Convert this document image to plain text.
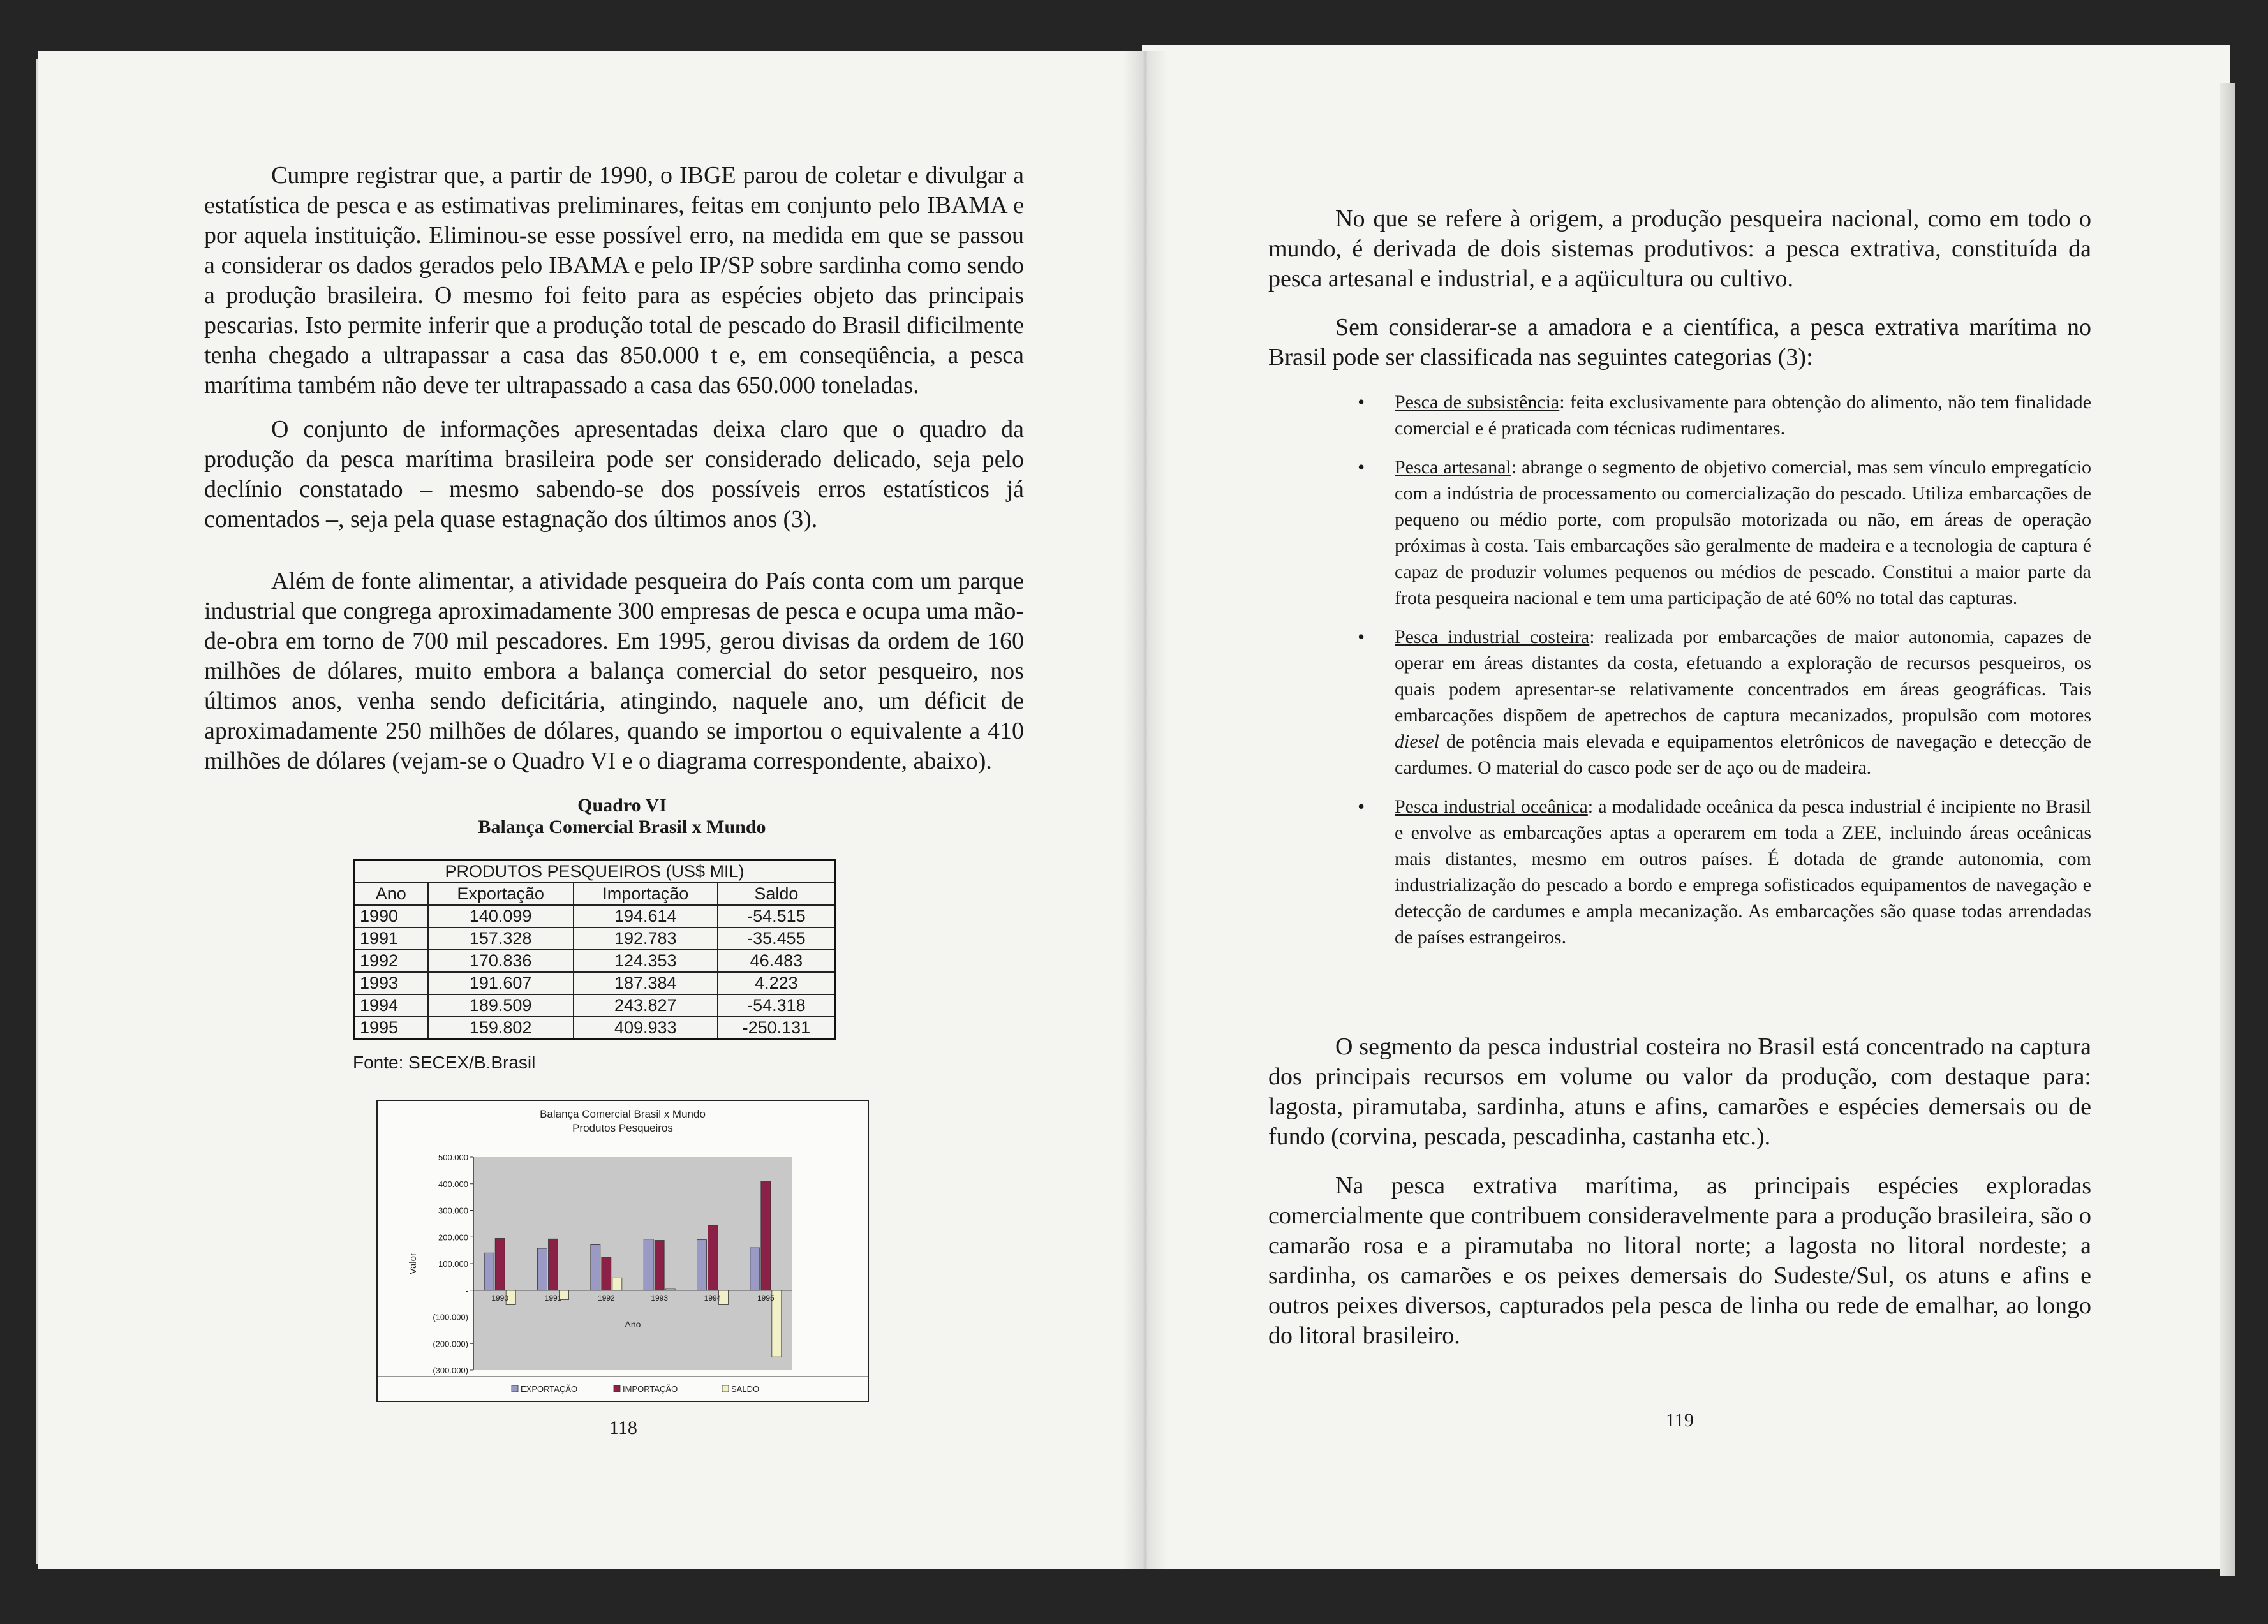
Cumpre registrar que, a partir de 1990, o IBGE parou de coletar e divulgar a estatística de pesca e as estimativas preliminares, feitas em conjunto pelo IBAMA e por aquela instituição. Eliminou-se esse possível erro, na medida em que se passou a considerar os dados gerados pelo IBAMA e pelo IP/SP sobre sardinha como sendo a produção brasileira. O mesmo foi feito para as espécies objeto das principais pescarias. Isto permite inferir que a produção total de pescado do Brasil dificilmente tenha chegado a ultrapassar a casa das 850.000 t e, em conseqüência, a pesca marítima também não deve ter ultrapassado a casa das 650.000 toneladas.

O conjunto de informações apresentadas deixa claro que o quadro da produção da pesca marítima brasileira pode ser considerado delicado, seja pelo declínio constatado – mesmo sabendo-se dos possíveis erros estatísticos já comentados –, seja pela quase estagnação dos últimos anos (3).

Além de fonte alimentar, a atividade pesqueira do País conta com um parque industrial que congrega aproximadamente 300 empresas de pesca e ocupa uma mão-de-obra em torno de 700 mil pescadores. Em 1995, gerou divisas da ordem de 160 milhões de dólares, muito embora a balança comercial do setor pesqueiro, nos últimos anos, venha sendo deficitária, atingindo, naquele ano, um déficit de aproximadamente 250 milhões de dólares, quando se importou o equivalente a 410 milhões de dólares (vejam-se o Quadro VI e o diagrama correspondente, abaixo).

Quadro VI
Balança Comercial Brasil x Mundo
PRODUTOS PESQUEIROS (US$ MIL)			
Ano	Exportação	Importação	Saldo
1990	140.099	194.614	-54.515
1991	157.328	192.783	-35.455
1992	170.836	124.353	46.483
1993	191.607	187.384	4.223
1994	189.509	243.827	-54.318
1995	159.802	409.933	-250.131
Fonte: SECEX/B.Brasil
Balança Comercial Brasil x Mundo
Produtos Pesqueiros
500.000
400.000
300.000
200.000
100.000
-
(100.000)
(200.000)
(300.000)
Valor
1990	1991	1992	1993	1994	1995
Ano
EXPORTAÇÃO	IMPORTAÇÃO	SALDO
118

No que se refere à origem, a produção pesqueira nacional, como em todo o mundo, é derivada de dois sistemas produtivos: a pesca extrativa, constituída da pesca artesanal e industrial, e a aqüicultura ou cultivo.

Sem considerar-se a amadora e a científica, a pesca extrativa marítima no Brasil pode ser classificada nas seguintes categorias (3):

• Pesca de subsistência: feita exclusivamente para obtenção do alimento, não tem finalidade comercial e é praticada com técnicas rudimentares.
• Pesca artesanal: abrange o segmento de objetivo comercial, mas sem vínculo empregatício com a indústria de processamento ou comercialização do pescado. Utiliza embarcações de pequeno ou médio porte, com propulsão motorizada ou não, em áreas de operação próximas à costa. Tais embarcações são geralmente de madeira e a tecnologia de captura é capaz de produzir volumes pequenos ou médios de pescado. Constitui a maior parte da frota pesqueira nacional e tem uma participação de até 60% no total das capturas.
• Pesca industrial costeira: realizada por embarcações de maior autonomia, capazes de operar em áreas distantes da costa, efetuando a exploração de recursos pesqueiros, os quais podem apresentar-se relativamente concentrados em áreas geográficas. Tais embarcações dispõem de apetrechos de captura mecanizados, propulsão com motores diesel de potência mais elevada e equipamentos eletrônicos de navegação e detecção de cardumes. O material do casco pode ser de aço ou de madeira.
• Pesca industrial oceânica: a modalidade oceânica da pesca industrial é incipiente no Brasil e envolve as embarcações aptas a operarem em toda a ZEE, incluindo áreas oceânicas mais distantes, mesmo em outros países. É dotada de grande autonomia, com industrialização do pescado a bordo e emprega sofisticados equipamentos de navegação e detecção de cardumes e ampla mecanização. As embarcações são quase todas arrendadas de países estrangeiros.

O segmento da pesca industrial costeira no Brasil está concentrado na captura dos principais recursos em volume ou valor da produção, com destaque para: lagosta, piramutaba, sardinha, atuns e afins, camarões e espécies demersais ou de fundo (corvina, pescada, pescadinha, castanha etc.).

Na pesca extrativa marítima, as principais espécies exploradas comercialmente que contribuem consideravelmente para a produção brasileira, são o camarão rosa e a piramutaba no litoral norte; a lagosta no litoral nordeste; a sardinha, os camarões e os peixes demersais do Sudeste/Sul, os atuns e afins e outros peixes diversos, capturados pela pesca de linha ou rede de emalhar, ao longo do litoral brasileiro.

119
